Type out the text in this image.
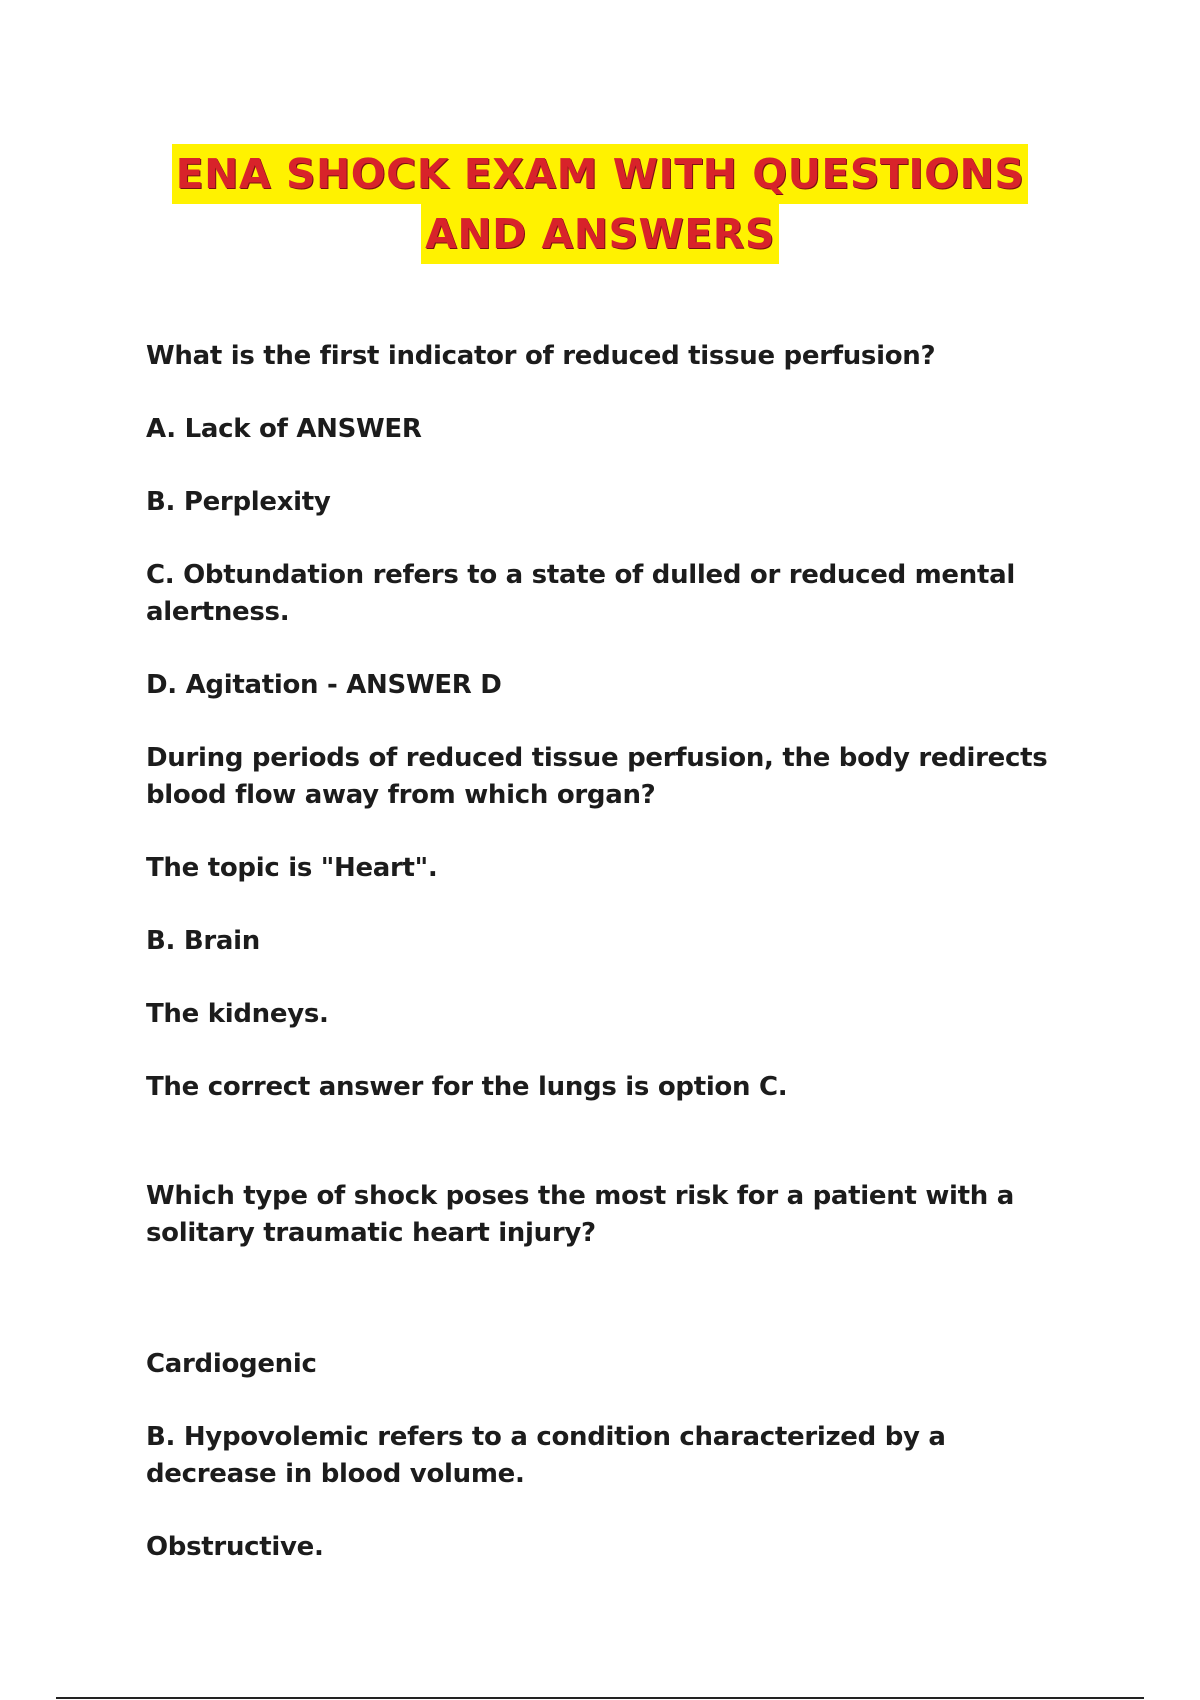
ENA SHOCK EXAM WITH QUESTIONS
AND ANSWERS

What is the first indicator of reduced tissue perfusion?

A. Lack of ANSWER

B. Perplexity

C. Obtundation refers to a state of dulled or reduced mental alertness.

D. Agitation - ANSWER D

During periods of reduced tissue perfusion, the body redirects blood flow away from which organ?

The topic is "Heart".

B. Brain

The kidneys.

The correct answer for the lungs is option C.

Which type of shock poses the most risk for a patient with a solitary traumatic heart injury?

Cardiogenic

B. Hypovolemic refers to a condition characterized by a decrease in blood volume.

Obstructive.
